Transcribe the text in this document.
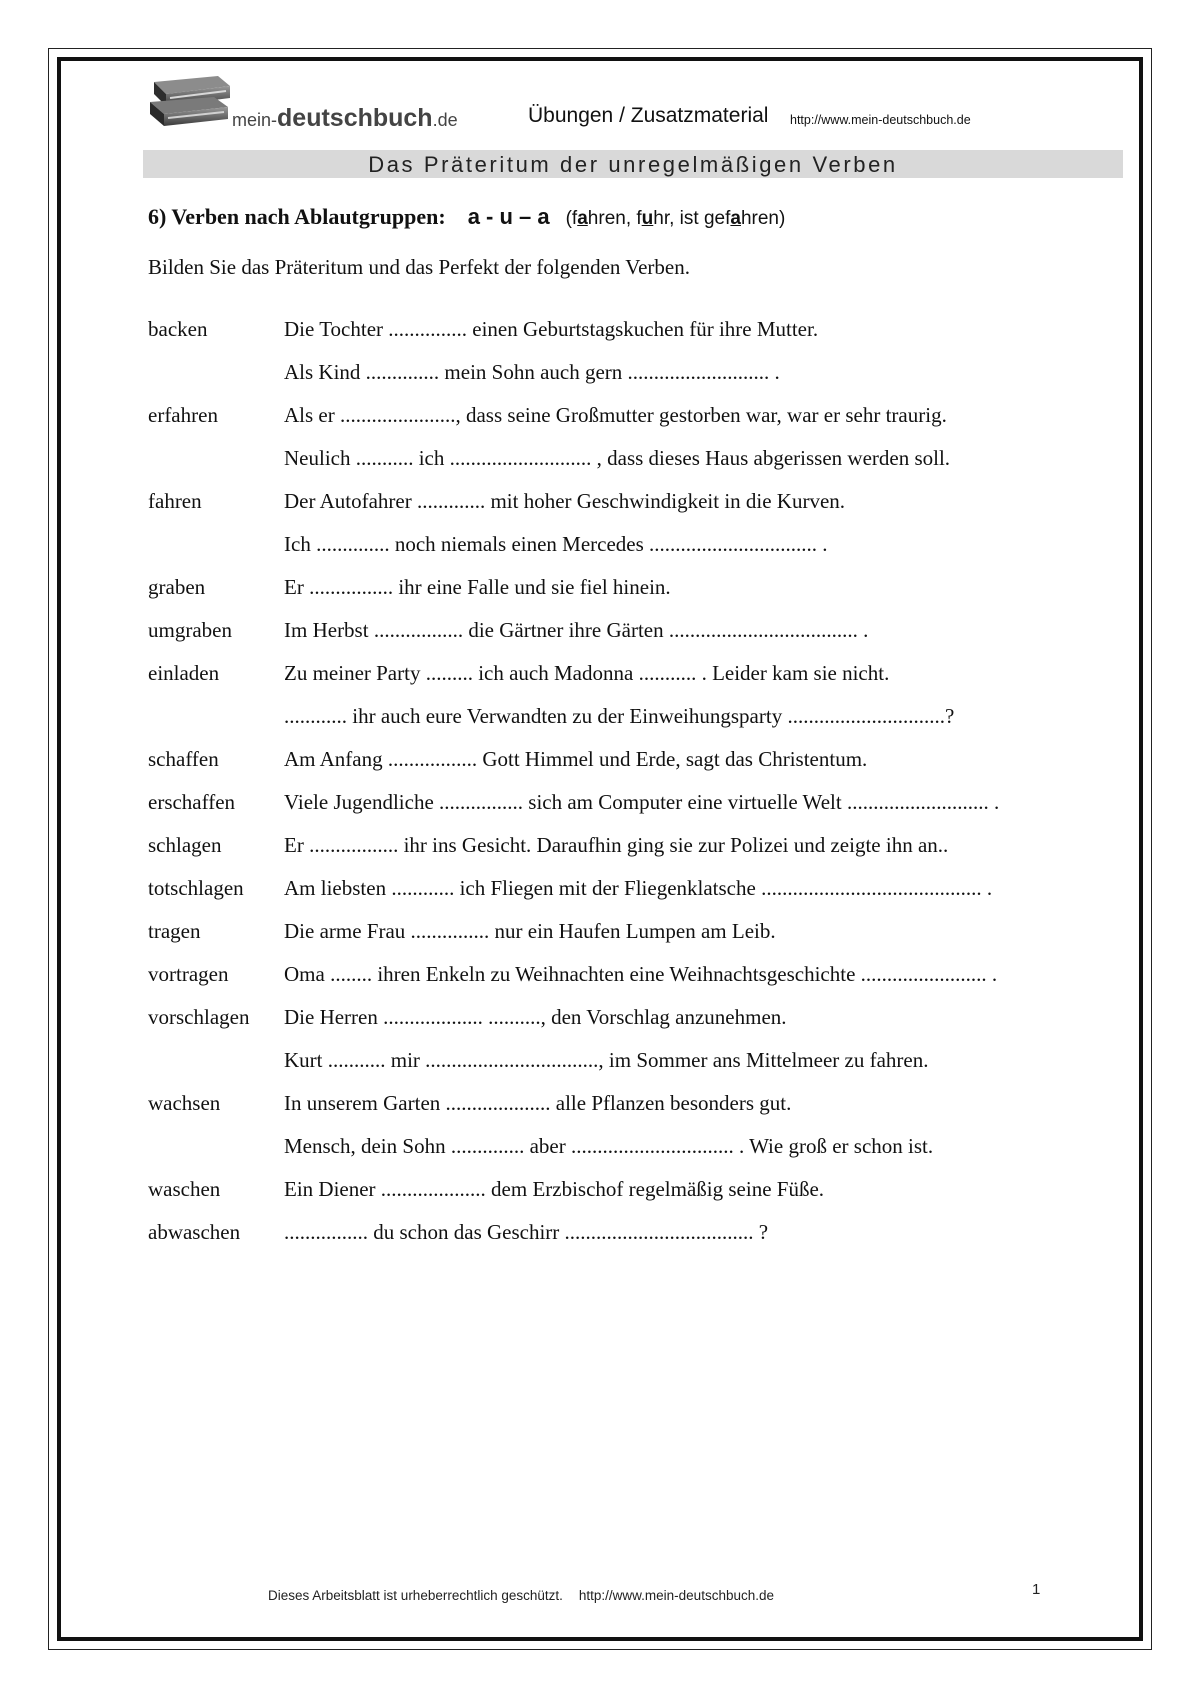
mein-deutschbuch.de	Übungen / Zusatzmaterial http://www.mein-deutschbuch.de
Das Präteritum der unregelmäßigen Verben
6) Verben nach Ablautgruppen: a - u – a (fahren, fuhr, ist gefahren)
Bilden Sie das Präteritum und das Perfekt der folgenden Verben.
backen	Die Tochter ............... einen Geburtstagskuchen für ihre Mutter.
Als Kind .............. mein Sohn auch gern ........................... .
erfahren	Als er ......................, dass seine Großmutter gestorben war, war er sehr traurig.
Neulich ........... ich ........................... , dass dieses Haus abgerissen werden soll.
fahren	Der Autofahrer ............. mit hoher Geschwindigkeit in die Kurven.
Ich .............. noch niemals einen Mercedes ................................ .
graben	Er ................ ihr eine Falle und sie fiel hinein.
umgraben Im Herbst ................. die Gärtner ihre Gärten .................................... .
einladen	Zu meiner Party ......... ich auch Madonna ........... . Leider kam sie nicht.
............ ihr auch eure Verwandten zu der Einweihungsparty ..............................?
schaffen	Am Anfang ................. Gott Himmel und Erde, sagt das Christentum.
erschaffen Viele Jugendliche ................ sich am Computer eine virtuelle Welt ........................... .
schlagen	Er ................. ihr ins Gesicht. Daraufhin ging sie zur Polizei und zeigte ihn an..
totschlagen Am liebsten ............ ich Fliegen mit der Fliegenklatsche .......................................... .
tragen	Die arme Frau ............... nur ein Haufen Lumpen am Leib.
vortragen	Oma ........ ihren Enkeln zu Weihnachten eine Weihnachtsgeschichte ........................ .
vorschlagen Die Herren ................... .........., den Vorschlag anzunehmen.
Kurt ........... mir ................................., im Sommer ans Mittelmeer zu fahren.
wachsen	In unserem Garten .................... alle Pflanzen besonders gut.
Mensch, dein Sohn .............. aber ............................... . Wie groß er schon ist.
waschen	Ein Diener .................... dem Erzbischof regelmäßig seine Füße.
abwaschen ................ du schon das Geschirr .................................... ?
Dieses Arbeitsblatt ist urheberrechtlich geschützt. http://www.mein-deutschbuch.de	1
